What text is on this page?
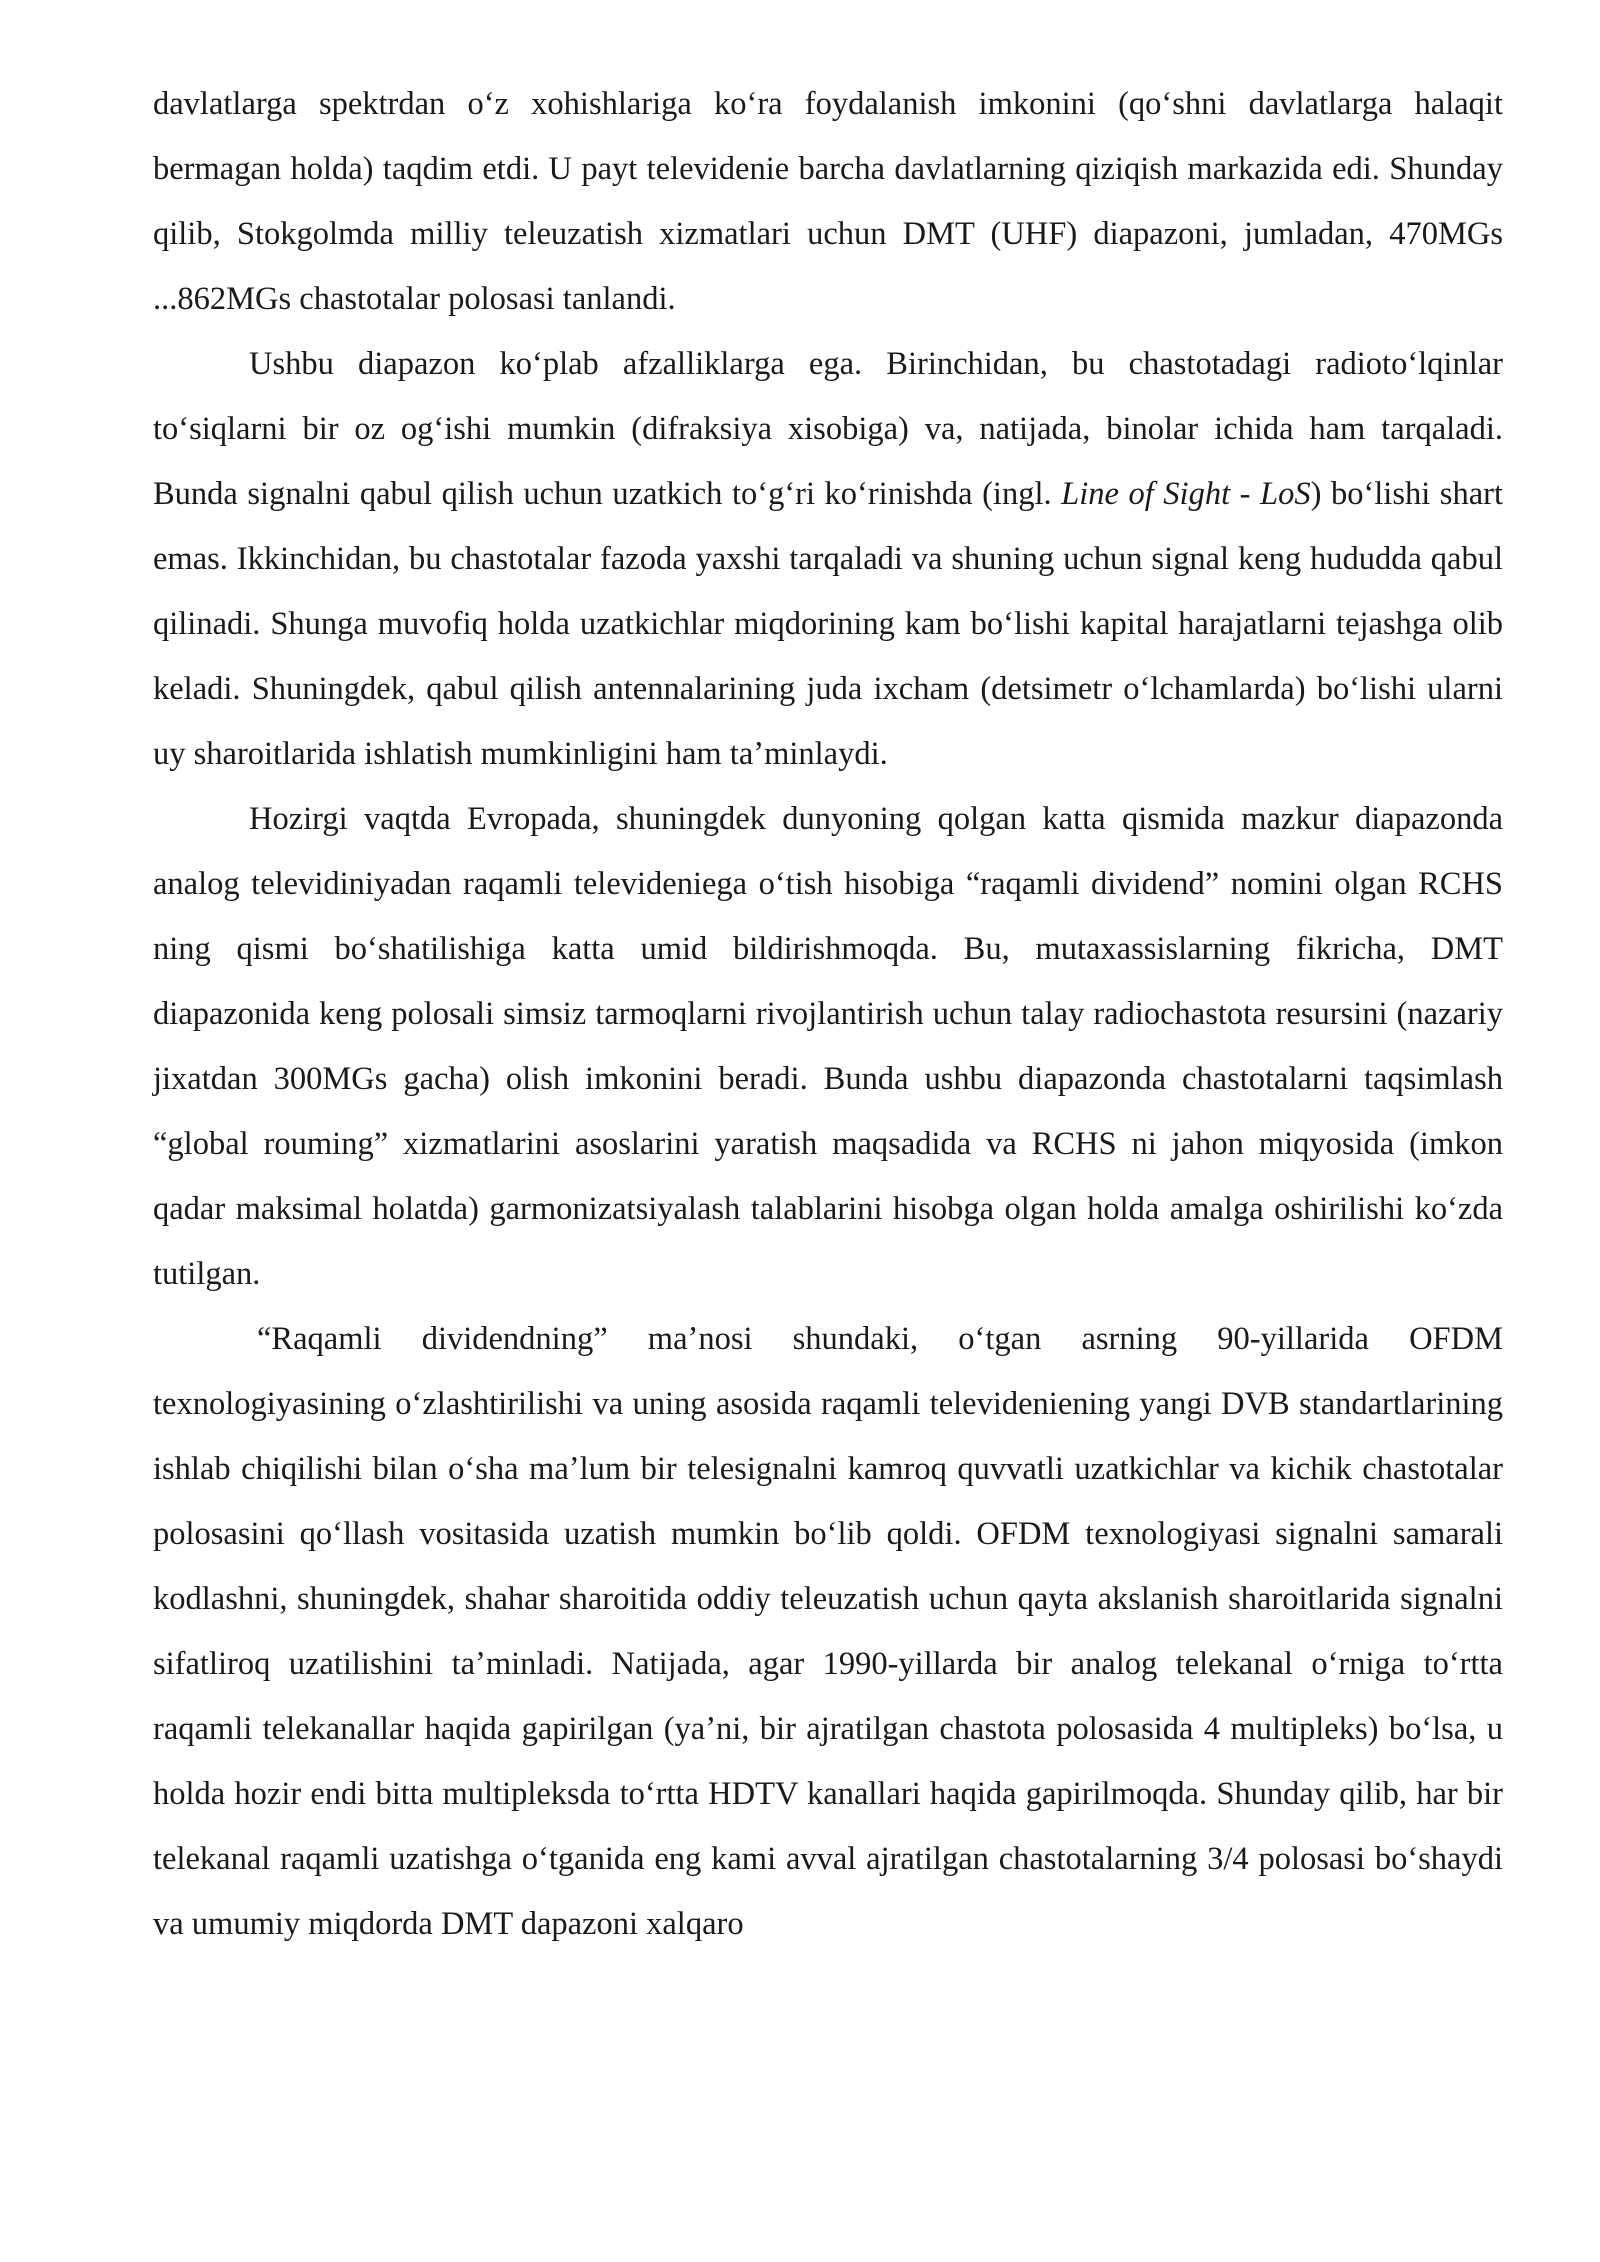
davlatlarga spektrdan oʻz xohishlariga koʻra foydalanish imkonini (qoʻshni davlatlarga halaqit bermagan holda) taqdim etdi. U payt televidenie barcha davlatlarning qiziqish markazida edi. Shunday qilib, Stokgolmda milliy teleuzatish xizmatlari uchun DMT (UHF) diapazoni, jumladan, 470MGs ...862MGs chastotalar polosasi tanlandi.

Ushbu diapazon koʻplab afzalliklarga ega. Birinchidan, bu chastotadagi radiotoʻlqinlar toʻsiqlarni bir oz ogʻishi mumkin (difraksiya xisobiga) va, natijada, binolar ichida ham tarqaladi. Bunda signalni qabul qilish uchun uzatkich toʻgʻri koʻrinishda (ingl. Line of Sight - LoS) boʻlishi shart emas. Ikkinchidan, bu chastotalar fazoda yaxshi tarqaladi va shuning uchun signal keng hududda qabul qilinadi. Shunga muvofiq holda uzatkichlar miqdorining kam boʻlishi kapital harajatlarni tejashga olib keladi. Shuningdek, qabul qilish antennalarining juda ixcham (detsimetr oʻlchamlarda) boʻlishi ularni uy sharoitlarida ishlatish mumkinligini ham taʼminlaydi.

Hozirgi vaqtda Evropada, shuningdek dunyoning qolgan katta qismida mazkur diapazonda analog televidiniyadan raqamli televideniega oʻtish hisobiga “raqamli dividend” nomini olgan RCHS ning qismi boʻshatilishiga katta umid bildirishmoqda. Bu, mutaxassislarning fikricha, DMT diapazonida keng polosali simsiz tarmoqlarni rivojlantirish uchun talay radiochastota resursini (nazariy jixatdan 300MGs gacha) olish imkonini beradi. Bunda ushbu diapazonda chastotalarni taqsimlash “global rouming” xizmatlarini asoslarini yaratish maqsadida va RCHS ni jahon miqyosida (imkon qadar maksimal holatda) garmonizatsiyalash talablarini hisobga olgan holda amalga oshirilishi koʻzda tutilgan.

“Raqamli dividendning” maʼnosi shundaki, oʻtgan asrning 90-yillarida OFDM texnologiyasining oʻzlashtirilishi va uning asosida raqamli televideniening yangi DVB standartlarining ishlab chiqilishi bilan oʻsha maʼlum bir telesignalni kamroq quvvatli uzatkichlar va kichik chastotalar polosasini qoʻllash vositasida uzatish mumkin boʻlib qoldi. OFDM texnologiyasi signalni samarali kodlashni, shuningdek, shahar sharoitida oddiy teleuzatish uchun qayta akslanish sharoitlarida signalni sifatliroq uzatilishini taʼminladi. Natijada, agar 1990-yillarda bir analog telekanal oʻrniga toʻrtta raqamli telekanallar haqida gapirilgan (yaʼni, bir ajratilgan chastota polosasida 4 multipleks) boʻlsa, u holda hozir endi bitta multipleksda toʻrtta HDTV kanallari haqida gapirilmoqda. Shunday qilib, har bir telekanal raqamli uzatishga oʻtganida eng kami avval ajratilgan chastotalarning 3/4 polosasi boʻshaydi va umumiy miqdorda DMT dapazoni xalqaro
